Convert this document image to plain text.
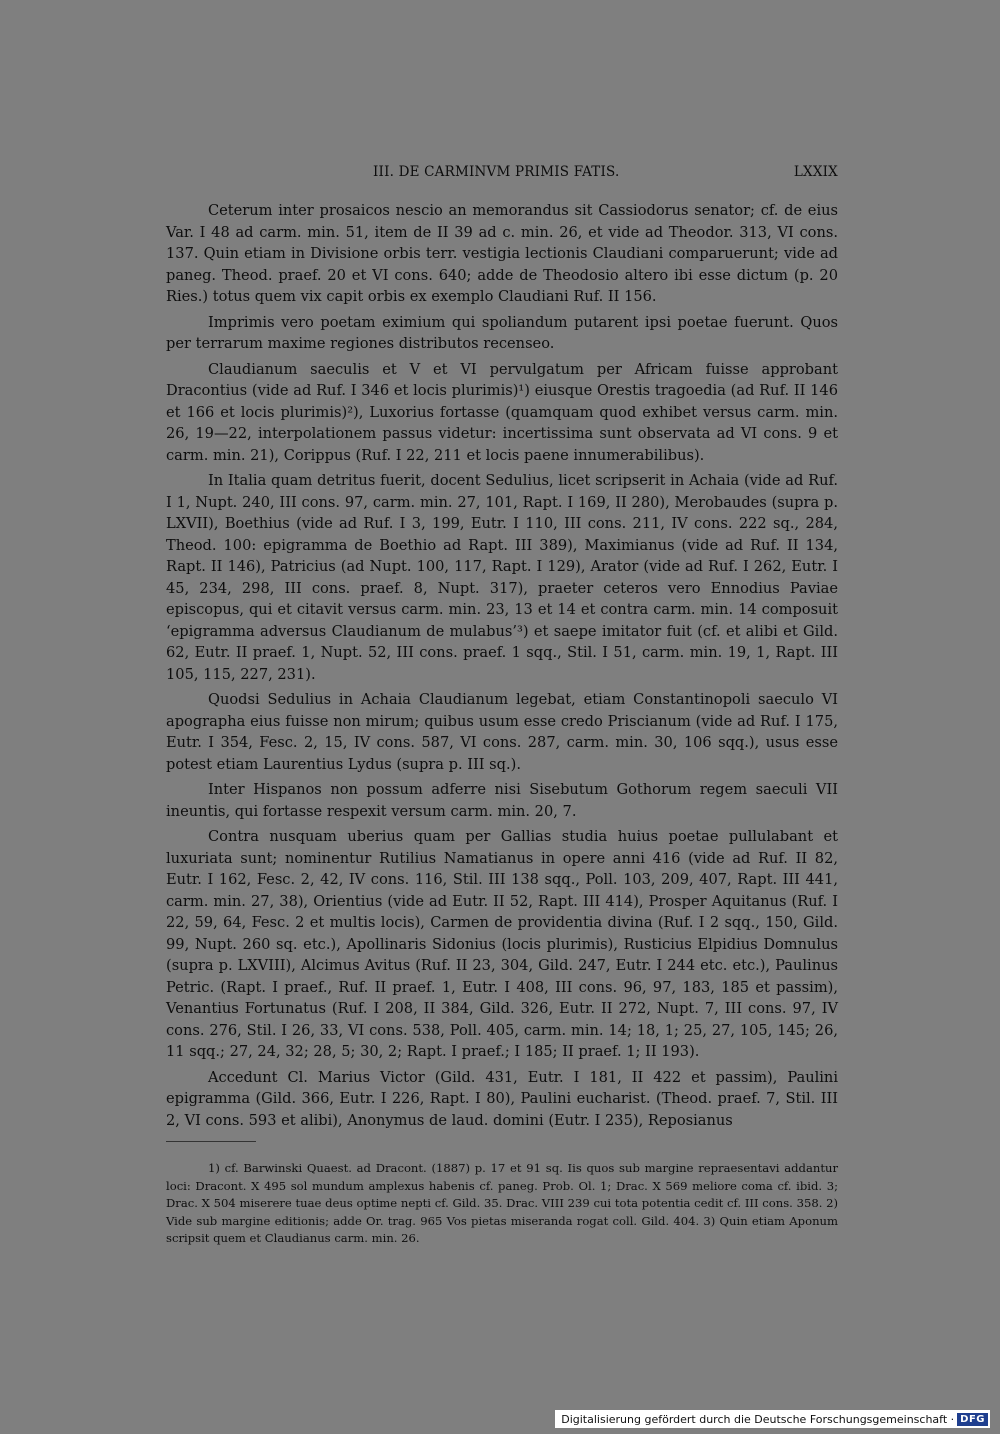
III. DE CARMINVM PRIMIS FATIS.	LXXIX

Ceterum inter prosaicos nescio an memorandus sit Cassiodorus senator; cf. de eius Var. I 48 ad carm. min. 51, item de II 39 ad c. min. 26, et vide ad Theodor. 313, VI cons. 137. Quin etiam in Divisione orbis terr. vestigia lectionis Claudiani comparuerunt; vide ad paneg. Theod. praef. 20 et VI cons. 640; adde de Theodosio altero ibi esse dictum (p. 20 Ries.) totus quem vix capit orbis ex exemplo Claudiani Ruf. II 156.

Imprimis vero poetam eximium qui spoliandum putarent ipsi poetae fuerunt. Quos per terrarum maxime regiones distributos recenseo.

Claudianum saeculis et V et VI pervulgatum per Africam fuisse approbant Dracontius (vide ad Ruf. I 346 et locis plurimis)¹) eiusque Orestis tragoedia (ad Ruf. II 146 et 166 et locis plurimis)²), Luxorius fortasse (quamquam quod exhibet versus carm. min. 26, 19—22, interpolationem passus videtur: incertissima sunt observata ad VI cons. 9 et carm. min. 21), Corippus (Ruf. I 22, 211 et locis paene innumerabilibus).

In Italia quam detritus fuerit, docent Sedulius, licet scripserit in Achaia (vide ad Ruf. I 1, Nupt. 240, III cons. 97, carm. min. 27, 101, Rapt. I 169, II 280), Merobaudes (supra p. LXVII), Boethius (vide ad Ruf. I 3, 199, Eutr. I 110, III cons. 211, IV cons. 222 sq., 284, Theod. 100: epigramma de Boethio ad Rapt. III 389), Maximianus (vide ad Ruf. II 134, Rapt. II 146), Patricius (ad Nupt. 100, 117, Rapt. I 129), Arator (vide ad Ruf. I 262, Eutr. I 45, 234, 298, III cons. praef. 8, Nupt. 317), praeter ceteros vero Ennodius Paviae episcopus, qui et citavit versus carm. min. 23, 13 et 14 et contra carm. min. 14 composuit ‘epigramma adversus Claudianum de mulabus’³) et saepe imitator fuit (cf. et alibi et Gild. 62, Eutr. II praef. 1, Nupt. 52, III cons. praef. 1 sqq., Stil. I 51, carm. min. 19, 1, Rapt. III 105, 115, 227, 231).

Quodsi Sedulius in Achaia Claudianum legebat, etiam Constantinopoli saeculo VI apographa eius fuisse non mirum; quibus usum esse credo Priscianum (vide ad Ruf. I 175, Eutr. I 354, Fesc. 2, 15, IV cons. 587, VI cons. 287, carm. min. 30, 106 sqq.), usus esse potest etiam Laurentius Lydus (supra p. III sq.).

Inter Hispanos non possum adferre nisi Sisebutum Gothorum regem saeculi VII ineuntis, qui fortasse respexit versum carm. min. 20, 7.

Contra nusquam uberius quam per Gallias studia huius poetae pullulabant et luxuriata sunt; nominentur Rutilius Namatianus in opere anni 416 (vide ad Ruf. II 82, Eutr. I 162, Fesc. 2, 42, IV cons. 116, Stil. III 138 sqq., Poll. 103, 209, 407, Rapt. III 441, carm. min. 27, 38), Orientius (vide ad Eutr. II 52, Rapt. III 414), Prosper Aquitanus (Ruf. I 22, 59, 64, Fesc. 2 et multis locis), Carmen de providentia divina (Ruf. I 2 sqq., 150, Gild. 99, Nupt. 260 sq. etc.), Apollinaris Sidonius (locis plurimis), Rusticius Elpidius Domnulus (supra p. LXVIII), Alcimus Avitus (Ruf. II 23, 304, Gild. 247, Eutr. I 244 etc. etc.), Paulinus Petric. (Rapt. I praef., Ruf. II praef. 1, Eutr. I 408, III cons. 96, 97, 183, 185 et passim), Venantius Fortunatus (Ruf. I 208, II 384, Gild. 326, Eutr. II 272, Nupt. 7, III cons. 97, IV cons. 276, Stil. I 26, 33, VI cons. 538, Poll. 405, carm. min. 14; 18, 1; 25, 27, 105, 145; 26, 11 sqq.; 27, 24, 32; 28, 5; 30, 2; Rapt. I praef.; I 185; II praef. 1; II 193).

Accedunt Cl. Marius Victor (Gild. 431, Eutr. I 181, II 422 et passim), Paulini epigramma (Gild. 366, Eutr. I 226, Rapt. I 80), Paulini eucharist. (Theod. praef. 7, Stil. III 2, VI cons. 593 et alibi), Anonymus de laud. domini (Eutr. I 235), Reposianus

1) cf. Barwinski Quaest. ad Dracont. (1887) p. 17 et 91 sq. Iis quos sub margine repraesentavi addantur loci: Dracont. X 495 sol mundum amplexus habenis cf. paneg. Prob. Ol. 1; Drac. X 569 meliore coma cf. ibid. 3; Drac. X 504 miserere tuae deus optime nepti cf. Gild. 35. Drac. VIII 239 cui tota potentia cedit cf. III cons. 358. 2) Vide sub margine editionis; adde Or. trag. 965 Vos pietas miseranda rogat coll. Gild. 404. 3) Quin etiam Aponum scripsit quem et Claudianus carm. min. 26.

Digitalisierung gefördert durch die Deutsche Forschungsgemeinschaft · DFG
